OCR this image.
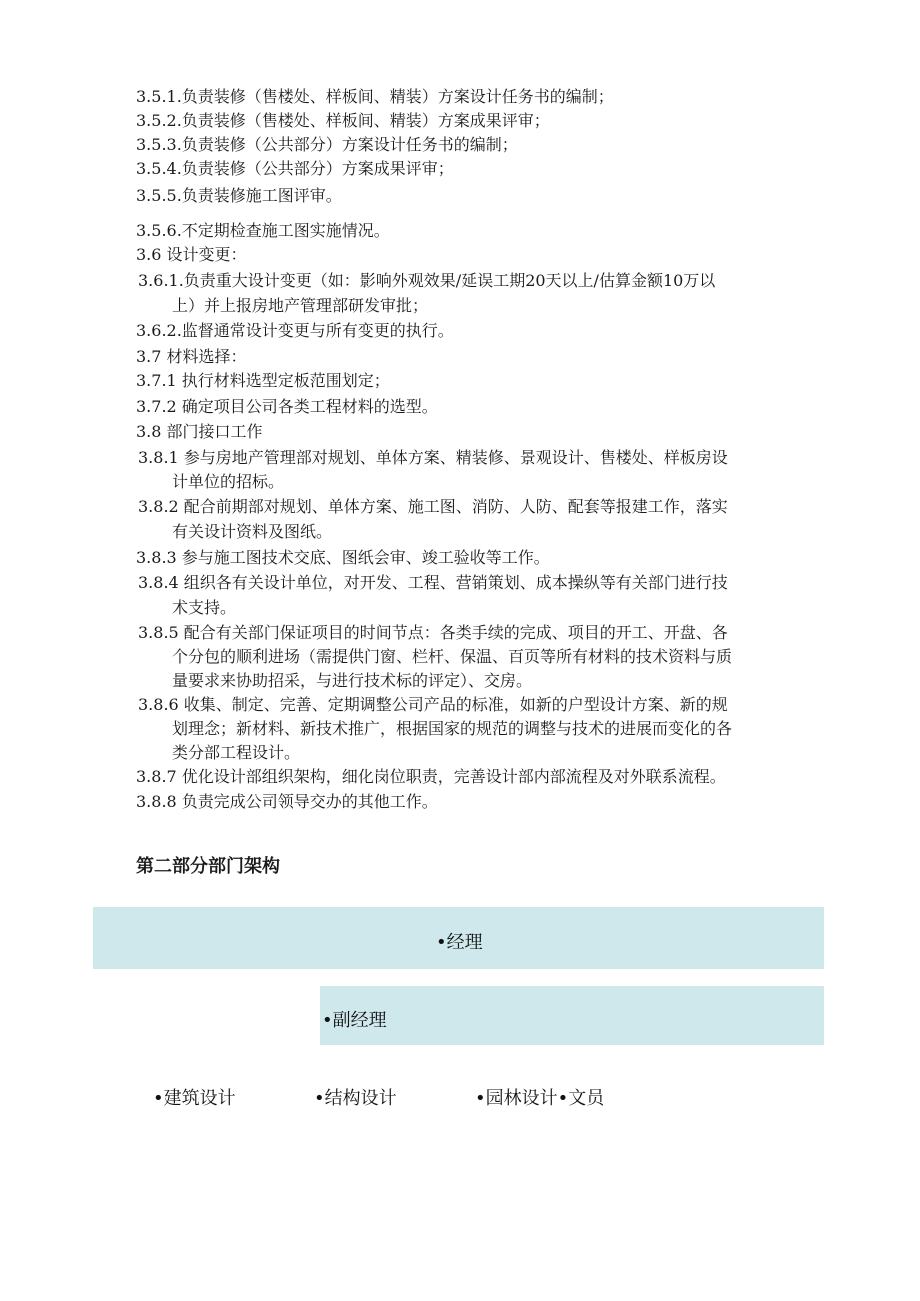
3.5.1.负责装修（售楼处、样板间、精装）方案设计任务书的编制；
3.5.2.负责装修（售楼处、样板间、精装）方案成果评审；
3.5.3.负责装修（公共部分）方案设计任务书的编制；
3.5.4.负责装修（公共部分）方案成果评审；
3.5.5.负责装修施工图评审。
3.5.6.不定期检查施工图实施情况。
3.6 设计变更：
3.6.1.负责重大设计变更（如：影响外观效果/延误工期20天以上/估算金额10万以
上）并上报房地产管理部研发审批；
3.6.2.监督通常设计变更与所有变更的执行。
3.7 材料选择：
3.7.1 执行材料选型定板范围划定；
3.7.2 确定项目公司各类工程材料的选型。
3.8 部门接口工作
3.8.1 参与房地产管理部对规划、单体方案、精装修、景观设计、售楼处、样板房设
计单位的招标。
3.8.2 配合前期部对规划、单体方案、施工图、消防、人防、配套等报建工作，落实
有关设计资料及图纸。
3.8.3 参与施工图技术交底、图纸会审、竣工验收等工作。
3.8.4 组织各有关设计单位，对开发、工程、营销策划、成本操纵等有关部门进行技
术支持。
3.8.5 配合有关部门保证项目的时间节点：各类手续的完成、项目的开工、开盘、各
个分包的顺利进场（需提供门窗、栏杆、保温、百页等所有材料的技术资料与质
量要求来协助招采，与进行技术标的评定）、交房。
3.8.6 收集、制定、完善、定期调整公司产品的标准，如新的户型设计方案、新的规
划理念；新材料、新技术推广，根据国家的规范的调整与技术的进展而变化的各
类分部工程设计。
3.8.7 优化设计部组织架构，细化岗位职责，完善设计部内部流程及对外联系流程。
3.8.8 负责完成公司领导交办的其他工作。
第二部分部门架构
•经理
•副经理
•建筑设计	•结构设计	•园林设计•文员
